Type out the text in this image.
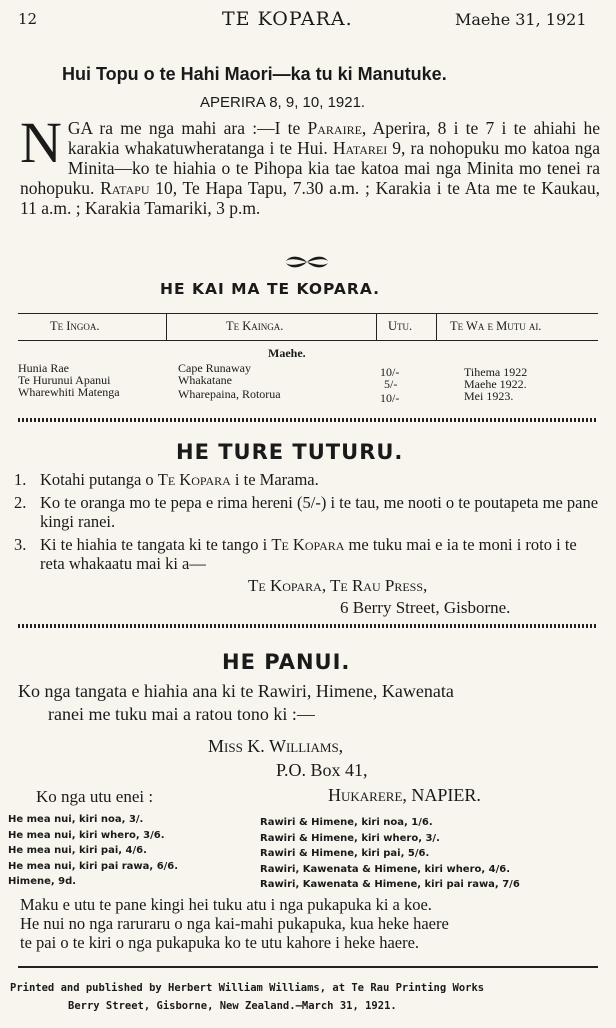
12	TE KOPARA.	Maehe 31, 1921
Hui Topu o te Hahi Maori—ka tu ki Manutuke.
APERIRA 8, 9, 10, 1921.

N GA ra me nga mahi ara :—I te Paraire, Aperira, 8 i te 7 i te ahiahi he karakia whakatuwheratanga i te Hui. Hatarei 9, ra nohopuku mo katoa nga Minita—ko te hiahia o te Pihopa kia tae katoa mai nga Minita mo tenei ra nohopuku. Ratapu 10, Te Hapa Tapu, 7.30 a.m. ; Karakia i te Ata me te Kaukau, 11 a.m. ; Karakia Tamariki, 3 p.m.

HE KAI MA TE KOPARA.
Te Ingoa.	Te Kainga.	Utu.	Te Wa e Mutu ai.
Maehe.
Hunia Rae	Cape Runaway	10/-	Tihema 1922
Te Hurunui Apanui	Whakatane	5/-	Maehe 1922.
Wharewhiti Matenga	Wharepaina, Rotorua	10/-	Mei 1923.
HE TURE TUTURU.
1. Kotahi putanga o Te Kopara i te Marama.
2. Ko te oranga mo te pepa e rima hereni (5/-) i te tau, me nooti o te poutapeta me pane kingi ranei.
3. Ki te hiahia te tangata ki te tango i Te Kopara me tuku mai e ia te moni i roto i te reta whakaatu mai ki a—
Te Kopara, Te Rau Press,
6 Berry Street, Gisborne.
HE PANUI.
Ko nga tangata e hiahia ana ki te Rawiri, Himene, Kawenata
ranei me tuku mai a ratou tono ki :—
Miss K. Williams,
P.O. Box 41,
Hukarere, NAPIER.
Ko nga utu enei :
He mea nui, kiri noa, 3/.
He mea nui, kiri whero, 3/6.
He mea nui, kiri pai, 4/6.
He mea nui, kiri pai rawa, 6/6.
Himene, 9d.
Rawiri & Himene, kiri noa, 1/6.
Rawiri & Himene, kiri whero, 3/.
Rawiri & Himene, kiri pai, 5/6.
Rawiri, Kawenata & Himene, kiri whero, 4/6.
Rawiri, Kawenata & Himene, kiri pai rawa, 7/6
Maku e utu te pane kingi hei tuku atu i nga pukapuka ki a koe.
He nui no nga raruraru o nga kai-mahi pukapuka, kua heke haere
te pai o te kiri o nga pukapuka ko te utu kahore i heke haere.
Printed and published by Herbert William Williams, at Te Rau Printing Works
Berry Street, Gisborne, New Zealand.—March 31, 1921.
